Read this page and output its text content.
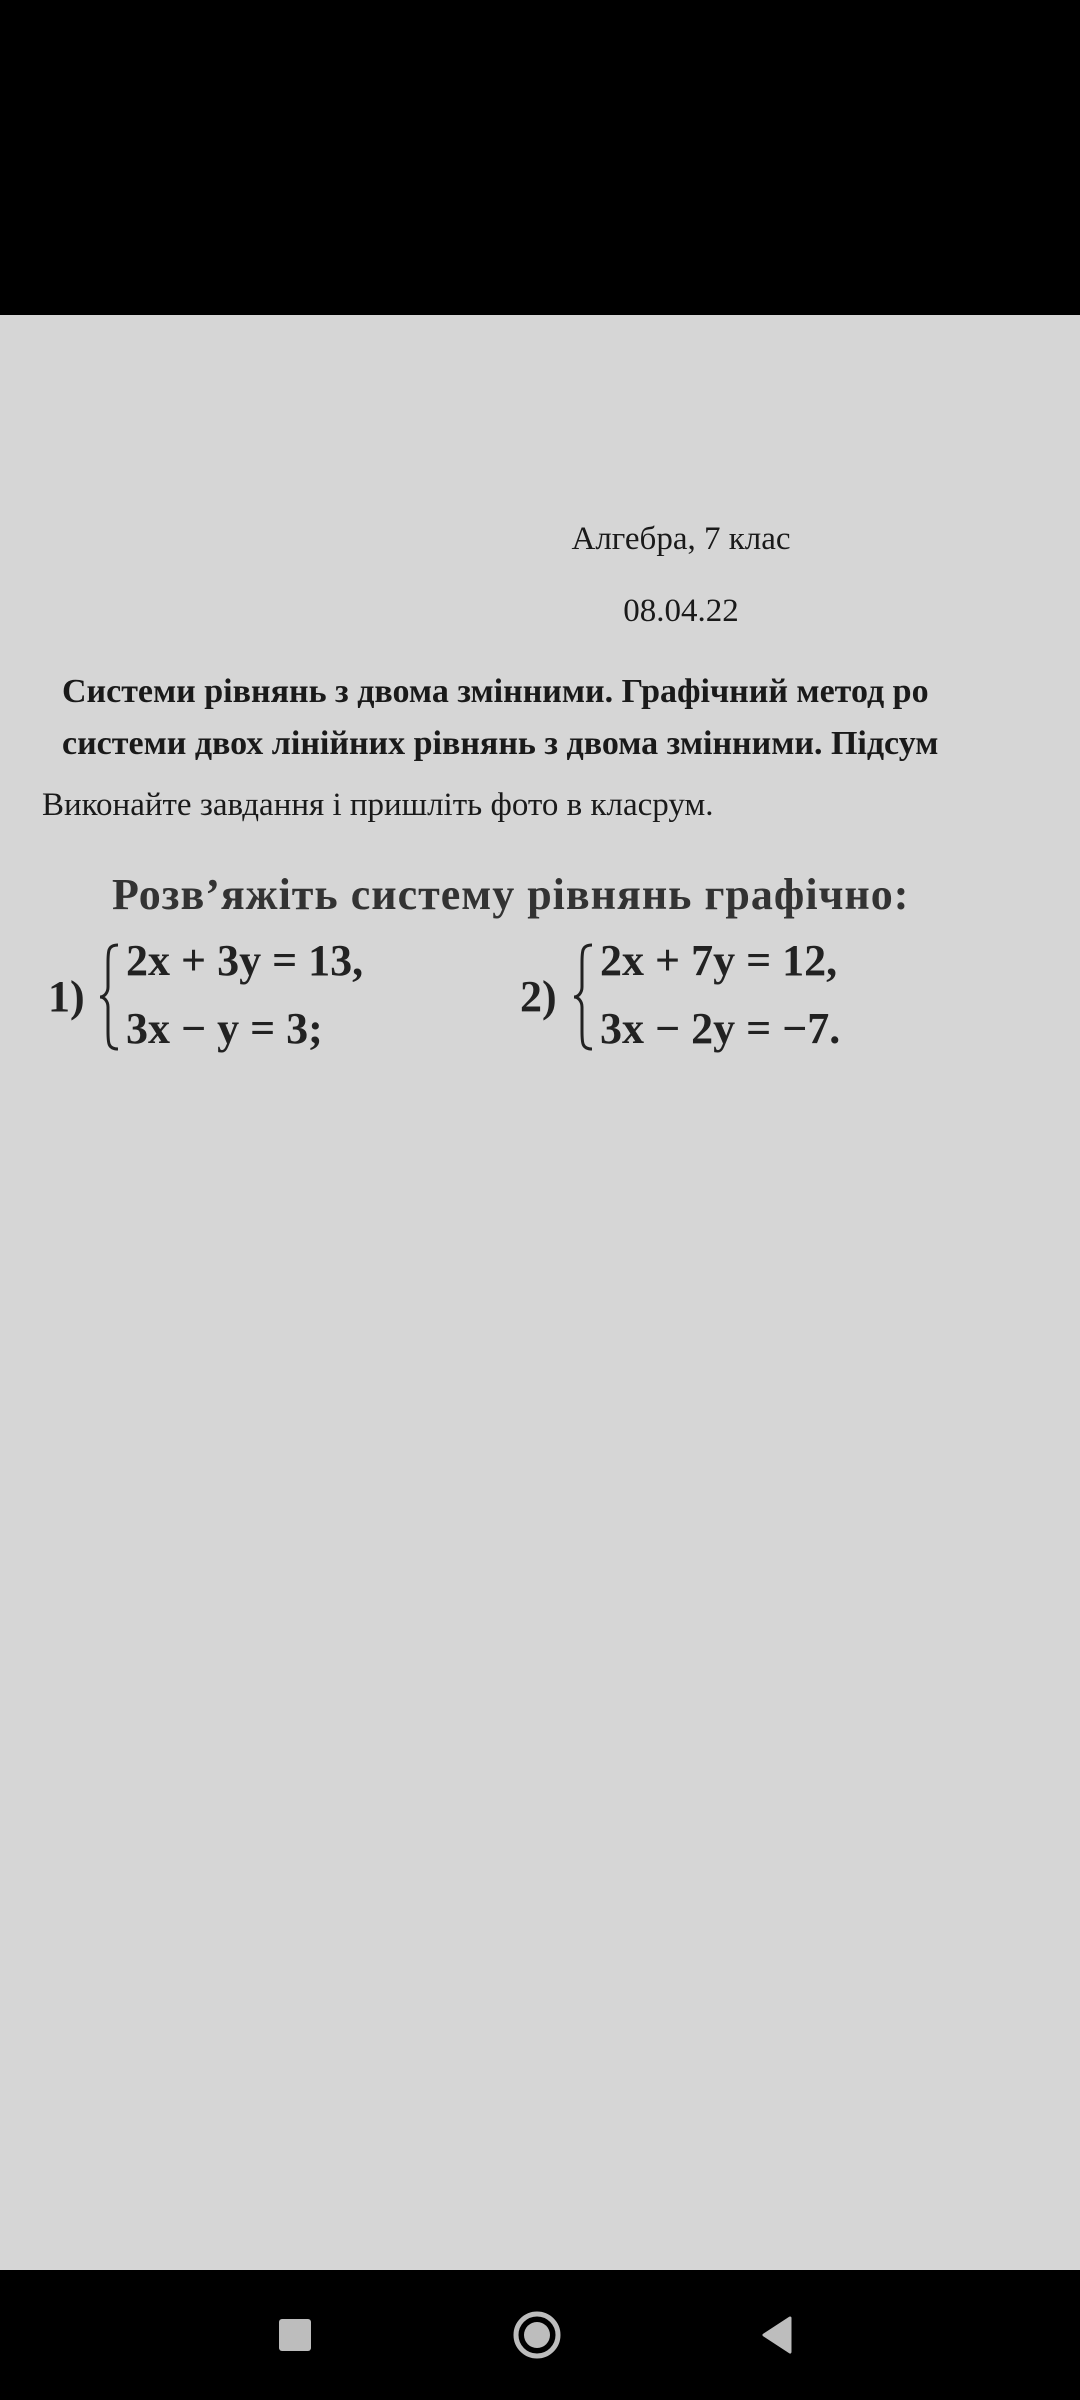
Алгебра, 7 клас

08.04.22

Системи рівнянь з двома змінними. Графічний метод ро
системи двох лінійних рівнянь з двома змінними. Підсум

Виконайте завдання і пришліть фото в класрум.

Розв’яжіть систему рівнянь графічно:

1)
2x + 3y = 13,
3x − y = 3;
2)
2x + 7y = 12,
3x − 2y = −7.
